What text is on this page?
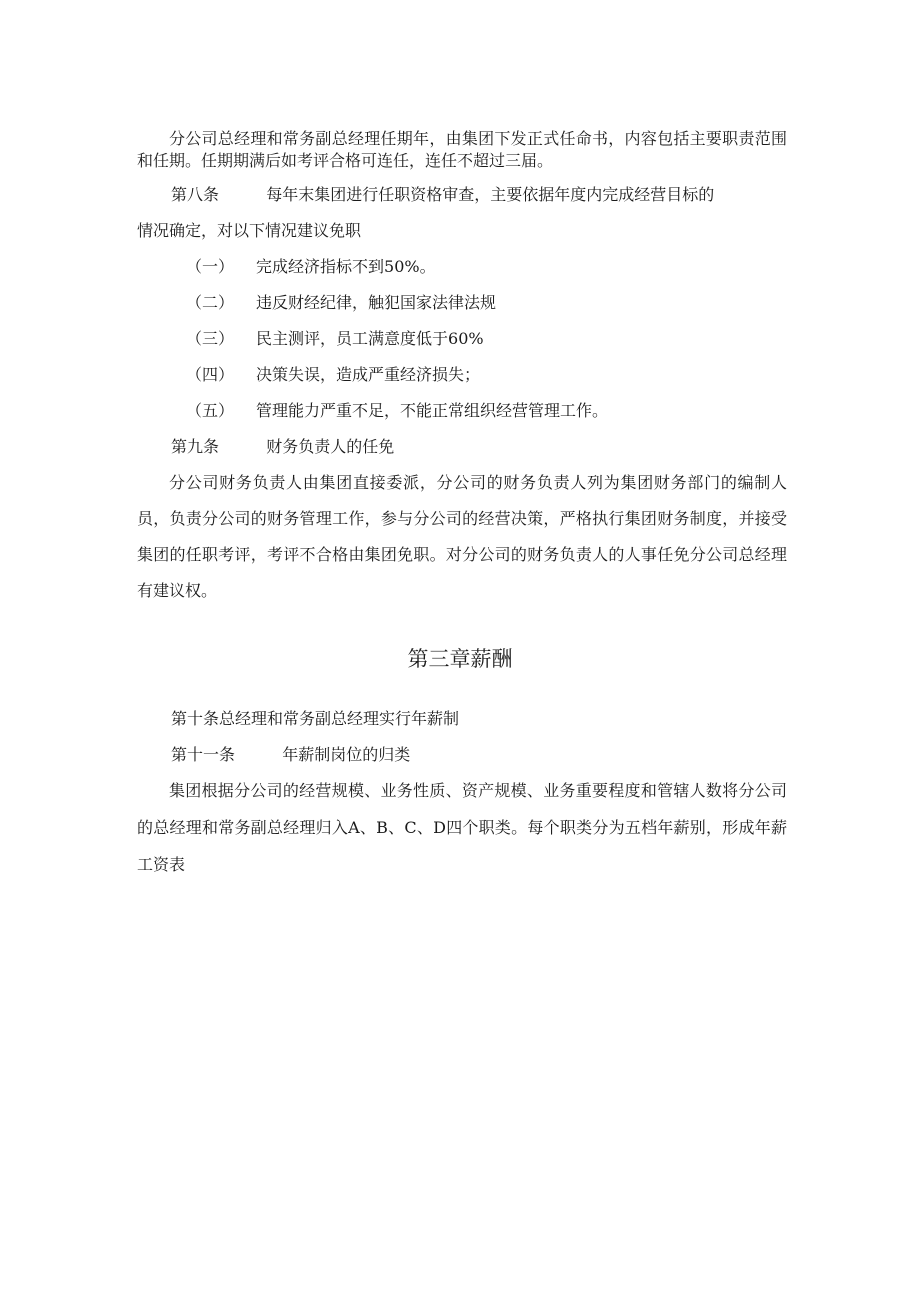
分公司总经理和常务副总经理任期年，由集团下发正式任命书，内容包括主要职责范围和任期。任期期满后如考评合格可连任，连任不超过三届。

第八条	每年末集团进行任职资格审查，主要依据年度内完成经营目标的

情况确定，对以下情况建议免职

（一） 完成经济指标不到50%。

（二） 违反财经纪律，触犯国家法律法规

（三） 民主测评，员工满意度低于60%

（四） 决策失误，造成严重经济损失；

（五） 管理能力严重不足，不能正常组织经营管理工作。

第九条	财务负责人的任免

分公司财务负责人由集团直接委派，分公司的财务负责人列为集团财务部门的编制人员，负责分公司的财务管理工作，参与分公司的经营决策，严格执行集团财务制度，并接受集团的任职考评，考评不合格由集团免职。对分公司的财务负责人的人事任免分公司总经理有建议权。

第三章薪酬

第十条总经理和常务副总经理实行年薪制

第十一条	年薪制岗位的归类

集团根据分公司的经营规模、业务性质、资产规模、业务重要程度和管辖人数将分公司的总经理和常务副总经理归入A、B、C、D四个职类。每个职类分为五档年薪别，形成年薪工资表
